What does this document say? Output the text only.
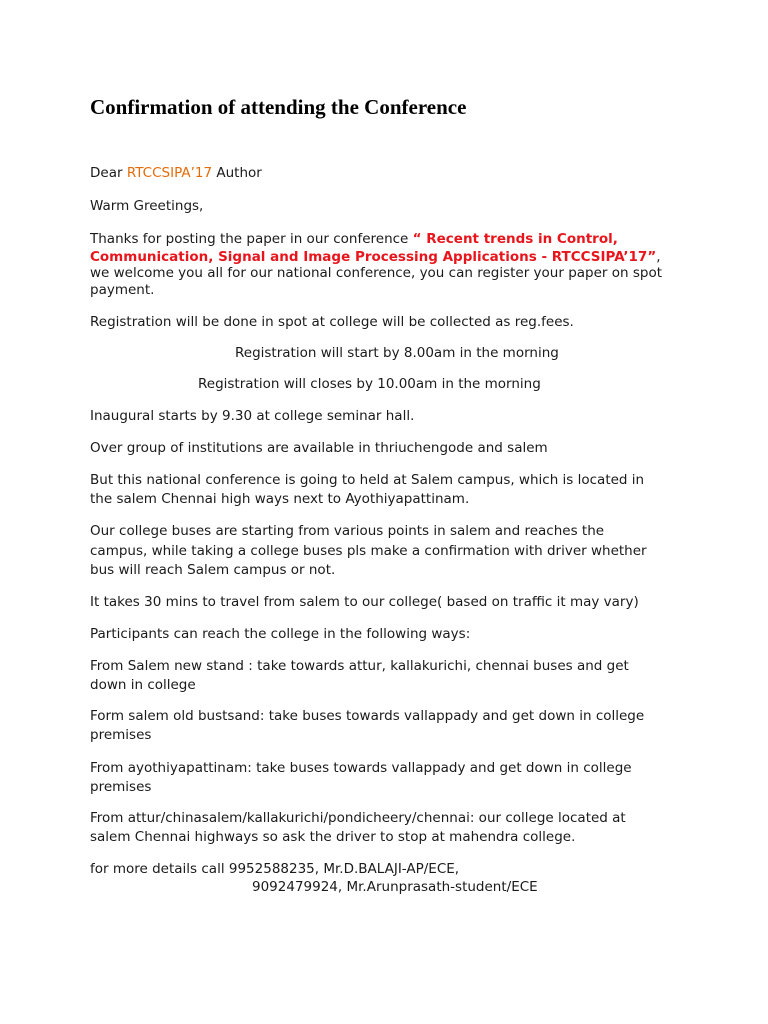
Confirmation of attending the Conference

Dear RTCCSIPA’17 Author

Warm Greetings,

Thanks for posting the paper in our conference “ Recent trends in Control,

Communication, Signal and Image Processing Applications - RTCCSIPA’17”,

we welcome you all for our national conference, you can register your paper on spot

payment.

Registration will be done in spot at college will be collected as reg.fees.

Registration will start by 8.00am in the morning

Registration will closes by 10.00am in the morning

Inaugural starts by 9.30 at college seminar hall.

Over group of institutions are available in thriuchengode and salem

But this national conference is going to held at Salem campus, which is located in

the salem Chennai high ways next to Ayothiyapattinam.

Our college buses are starting from various points in salem and reaches the

campus, while taking a college buses pls make a confirmation with driver whether

bus will reach Salem campus or not.

It takes 30 mins to travel from salem to our college( based on traffic it may vary)

Participants can reach the college in the following ways:

From Salem new stand : take towards attur, kallakurichi, chennai buses and get

down in college

Form salem old bustsand: take buses towards vallappady and get down in college

premises

From ayothiyapattinam: take buses towards vallappady and get down in college

premises

From attur/chinasalem/kallakurichi/pondicheery/chennai: our college located at

salem Chennai highways so ask the driver to stop at mahendra college.

for more details call 9952588235, Mr.D.BALAJI-AP/ECE,

9092479924, Mr.Arunprasath-student/ECE
